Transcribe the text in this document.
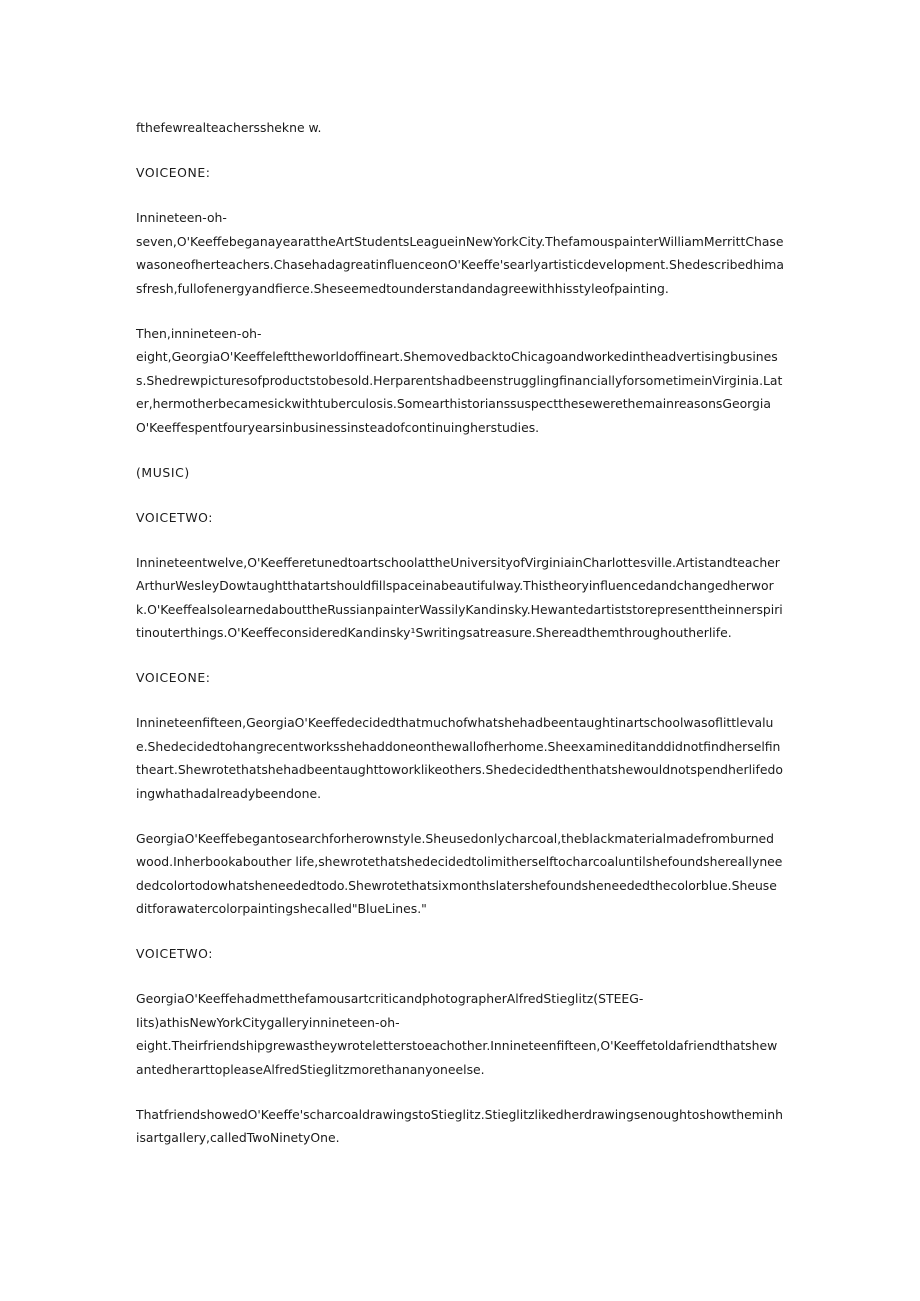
fthefewrealteachersshekne w.

VOICEONE:

Innineteen-oh-
seven,O'KeeffebeganayearattheArtStudentsLeagueinNewYorkCity.ThefamouspainterWilliamMerrittChasewasoneofherteachers.ChasehadagreatinfluenceonO'Keeffe'searlyartisticdevelopment.Shedescribedhimasfresh,fullofenergyandfierce.Sheseemedtounderstandandagreewithhisstyleofpainting.

Then,innineteen-oh-
eight,GeorgiaO'Keeffelefttheworldoffineart.ShemovedbacktoChicagoandworkedintheadvertisingbusiness.Shedrewpicturesofproductstobesold.HerparentshadbeenstrugglingfinanciallyforsometimeinVirginia.Later,hermotherbecamesickwithtuberculosis.SomearthistorianssuspectthesewerethemainreasonsGeorgiaO'Keeffespentfouryearsinbusinessinsteadofcontinuingherstudies.

(MUSIC)

VOICETWO:

Innineteentwelve,O'KeefferetunedtoartschoolattheUniversityofVirginiainCharlottesville.ArtistandteacherArthurWesleyDowtaughtthatartshouldfillspaceinabeautifulway.Thistheoryinfluencedandchangedherwork.O'KeeffealsolearnedabouttheRussianpainterWassilyKandinsky.Hewantedartiststorepresenttheinnerspiritinouterthings.O'KeeffeconsideredKandinsky¹Swritingsatreasure.Shereadthemthroughoutherlife.

VOICEONE:

Innineteenfifteen,GeorgiaO'Keeffedecidedthatmuchofwhatshehadbeentaughtinartschoolwasoflittlevalue.Shedecidedtohangrecentworksshehaddoneonthewallofherhome.Sheexamineditanddidnotfindherselfintheart.Shewrotethatshehadbeentaughttoworklikeothers.Shedecidedthenthatshewouldnotspendherlifedoingwhathadalreadybeendone.

GeorgiaO'Keeffebegantosearchforherownstyle.Sheusedonlycharcoal,theblackmaterialmadefromburnedwood.Inherbookabouther life,shewrotethatshedecidedtolimitherselftocharcoaluntilshefoundshereallyneededcolortodowhatsheneededtodo.Shewrotethatsixmonthslatershefoundsheneededthecolorblue.Sheuseditforawatercolorpaintingshecalled"BlueLines."

VOICETWO:

GeorgiaO'KeeffehadmetthefamousartcriticandphotographerAlfredStieglitz(STEEG-
Iits)athisNewYorkCitygalleryinnineteen-oh-
eight.Theirfriendshipgrewastheywroteletterstoeachother.Innineteenfifteen,O'KeeffetoldafriendthatshewantedherarttopleaseAlfredStieglitzmorethananyoneelse.

ThatfriendshowedO'Keeffe'scharcoaldrawingstoStieglitz.StieglitzlikedherdrawingsenoughtoshowtheminhisartgaIlery,calledTwoNinetyOne.
